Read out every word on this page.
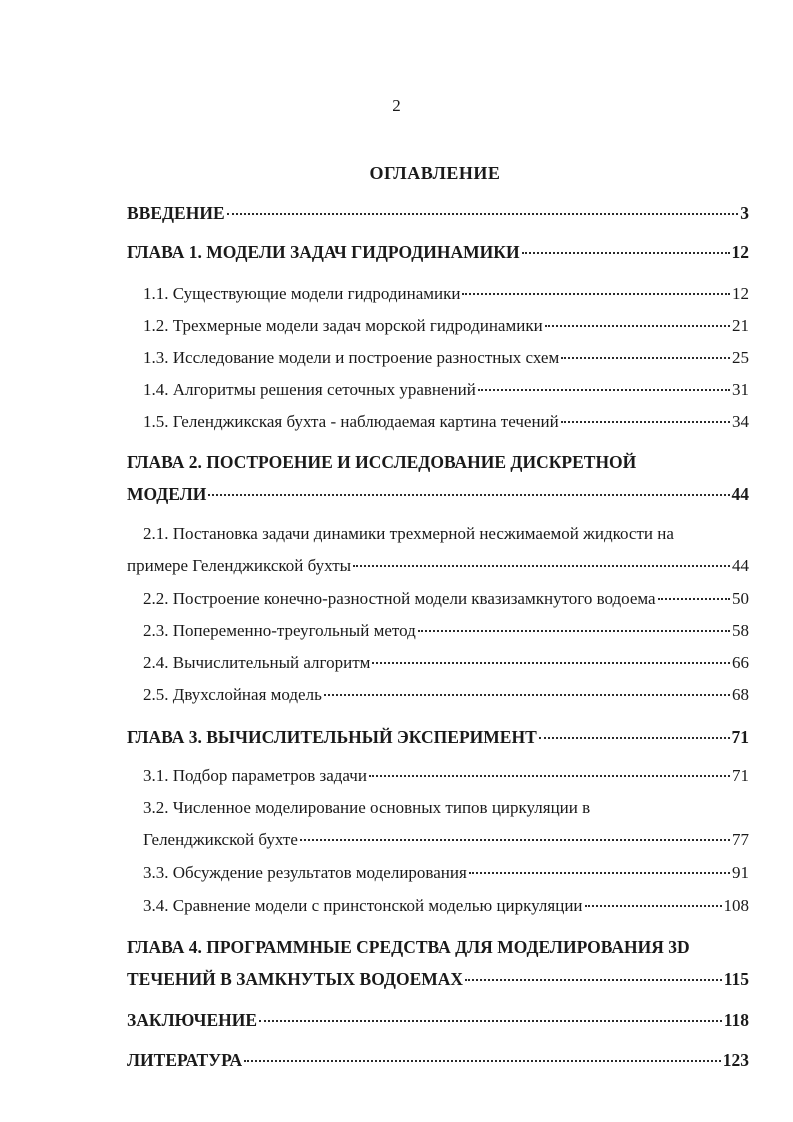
2
ОГЛАВЛЕНИЕ
ВВЕДЕНИЕ	3
ГЛАВА 1. МОДЕЛИ ЗАДАЧ ГИДРОДИНАМИКИ	12
1.1. Существующие модели гидродинамики	12
1.2. Трехмерные модели задач морской гидродинамики	21
1.3. Исследование модели и построение разностных схем	25
1.4. Алгоритмы решения сеточных уравнений	31
1.5. Геленджикская бухта - наблюдаемая картина течений	34
ГЛАВА 2. ПОСТРОЕНИЕ И ИССЛЕДОВАНИЕ ДИСКРЕТНОЙ
МОДЕЛИ	44
2.1. Постановка задачи динамики трехмерной несжимаемой жидкости на
примере Геленджикской бухты	44
2.2. Построение конечно-разностной модели квазизамкнутого водоема	50
2.3. Попеременно-треугольный метод	58
2.4. Вычислительный алгоритм	66
2.5. Двухслойная модель	68
ГЛАВА 3. ВЫЧИСЛИТЕЛЬНЫЙ ЭКСПЕРИМЕНТ	71
3.1. Подбор параметров задачи	71
3.2. Численное моделирование основных типов циркуляции в
Геленджикской бухте	77
3.3. Обсуждение результатов моделирования	91
3.4. Сравнение модели с принстонской моделью циркуляции	108
ГЛАВА 4. ПРОГРАММНЫЕ СРЕДСТВА ДЛЯ МОДЕЛИРОВАНИЯ 3D
ТЕЧЕНИЙ В ЗАМКНУТЫХ ВОДОЕМАХ	115
ЗАКЛЮЧЕНИЕ	118
ЛИТЕРАТУРА	123
